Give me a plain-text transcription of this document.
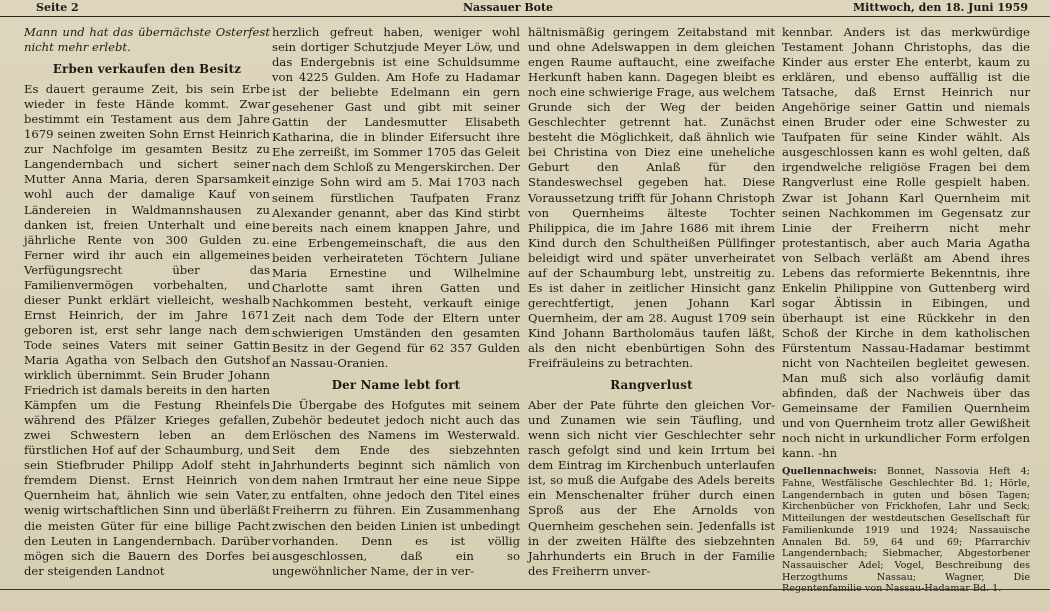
Seite 2	Nassauer Bote	Mittwoch, den 18. Juni 1959

Mann und hat das übernächste Osterfest nicht mehr erlebt.

Erben verkaufen den Besitz

Es dauert geraume Zeit, bis sein Erbe wieder in feste Hände kommt. Zwar bestimmt ein Testament aus dem Jahre 1679 seinen zweiten Sohn Ernst Heinrich zur Nachfolge im gesamten Besitz zu Langendernbach und sichert seiner Mutter Anna Maria, deren Sparsamkeit wohl auch der damalige Kauf von Ländereien in Waldmannshausen zu danken ist, freien Unterhalt und eine jährliche Rente von 300 Gulden zu. Ferner wird ihr auch ein allgemeines Verfügungsrecht über das Familienvermögen vorbehalten, und dieser Punkt erklärt vielleicht, weshalb Ernst Heinrich, der im Jahre 1671 geboren ist, erst sehr lange nach dem Tode seines Vaters mit seiner Gattin Maria Agatha von Selbach den Gutshof wirklich übernimmt. Sein Bruder Johann Friedrich ist damals bereits in den harten Kämpfen um die Festung Rheinfels während des Pfälzer Krieges gefallen, zwei Schwestern leben an dem fürstlichen Hof auf der Schaumburg, und sein Stiefbruder Philipp Adolf steht in fremdem Dienst. Ernst Heinrich von Quernheim hat, ähnlich wie sein Vater, wenig wirtschaftlichen Sinn und überläßt die meisten Güter für eine billige Pacht den Leuten in Langendernbach. Darüber mögen sich die Bauern des Dorfes bei der steigenden Landnot

herzlich gefreut haben, weniger wohl sein dortiger Schutzjude Meyer Löw, und das Endergebnis ist eine Schuldsumme von 4225 Gulden. Am Hofe zu Hadamar ist der beliebte Edelmann ein gern gesehener Gast und gibt mit seiner Gattin der Landesmutter Elisabeth Katharina, die in blinder Eifersucht ihre Ehe zerreißt, im Sommer 1705 das Geleit nach dem Schloß zu Mengerskirchen. Der einzige Sohn wird am 5. Mai 1703 nach seinem fürstlichen Taufpaten Franz Alexander genannt, aber das Kind stirbt bereits nach einem knappen Jahre, und eine Erbengemeinschaft, die aus den beiden verheirateten Töchtern Juliane Maria Ernestine und Wilhelmine Charlotte samt ihren Gatten und Nachkommen besteht, verkauft einige Zeit nach dem Tode der Eltern unter schwierigen Umständen den gesamten Besitz in der Gegend für 62 357 Gulden an Nassau-Oranien.

Der Name lebt fort

Die Übergabe des Hofgutes mit seinem Zubehör bedeutet jedoch nicht auch das Erlöschen des Namens im Westerwald. Seit dem Ende des siebzehnten Jahrhunderts beginnt sich nämlich von dem nahen Irmtraut her eine neue Sippe zu entfalten, ohne jedoch den Titel eines Freiherrn zu führen. Ein Zusammenhang zwischen den beiden Linien ist unbedingt vorhanden. Denn es ist völlig ausgeschlossen, daß ein so ungewöhnlicher Name, der in ver-

hältnismäßig geringem Zeitabstand mit und ohne Adelswappen in dem gleichen engen Raume auftaucht, eine zweifache Herkunft haben kann. Dagegen bleibt es noch eine schwierige Frage, aus welchem Grunde sich der Weg der beiden Geschlechter getrennt hat. Zunächst besteht die Möglichkeit, daß ähnlich wie bei Christina von Diez eine uneheliche Geburt den Anlaß für den Standeswechsel gegeben hat. Diese Voraussetzung trifft für Johann Christoph von Quernheims älteste Tochter Philippica, die im Jahre 1686 mit ihrem Kind durch den Schultheißen Püllfinger beleidigt wird und später unverheiratet auf der Schaumburg lebt, unstreitig zu. Es ist daher in zeitlicher Hinsicht ganz gerechtfertigt, jenen Johann Karl Quernheim, der am 28. August 1709 sein Kind Johann Bartholomäus taufen läßt, als den nicht ebenbürtigen Sohn des Freifräuleins zu betrachten.

Rangverlust

Aber der Pate führte den gleichen Vor- und Zunamen wie sein Täufling, und wenn sich nicht vier Geschlechter sehr rasch gefolgt sind und kein Irrtum bei dem Eintrag im Kirchenbuch unterlaufen ist, so muß die Aufgabe des Adels bereits ein Menschenalter früher durch einen Sproß aus der Ehe Arnolds von Quernheim geschehen sein. Jedenfalls ist in der zweiten Hälfte des siebzehnten Jahrhunderts ein Bruch in der Familie des Freiherrn unver-

kennbar. Anders ist das merkwürdige Testament Johann Christophs, das die Kinder aus erster Ehe enterbt, kaum zu erklären, und ebenso auffällig ist die Tatsache, daß Ernst Heinrich nur Angehörige seiner Gattin und niemals einen Bruder oder eine Schwester zu Taufpaten für seine Kinder wählt. Als ausgeschlossen kann es wohl gelten, daß irgendwelche religiöse Fragen bei dem Rangverlust eine Rolle gespielt haben. Zwar ist Johann Karl Quernheim mit seinen Nachkommen im Gegensatz zur Linie der Freiherrn nicht mehr protestantisch, aber auch Maria Agatha von Selbach verläßt am Abend ihres Lebens das reformierte Bekenntnis, ihre Enkelin Philippine von Guttenberg wird sogar Äbtissin in Eibingen, und überhaupt ist eine Rückkehr in den Schoß der Kirche in dem katholischen Fürstentum Nassau-Hadamar bestimmt nicht von Nachteilen begleitet gewesen. Man muß sich also vorläufig damit abfinden, daß der Nachweis über das Gemeinsame der Familien Quernheim und von Quernheim trotz aller Gewißheit noch nicht in urkundlicher Form erfolgen kann. -hn

Quellennachweis: Bonnet, Nassovia Heft 4; Fahne, Westfälische Geschlechter Bd. 1; Hörle, Langendernbach in guten und bösen Tagen; Kirchenbücher von Frickhofen, Lahr und Seck; Mitteilungen der westdeutschen Gesellschaft für Familienkunde 1919 und 1924; Nassauische Annalen Bd. 59, 64 und 69; Pfarrarchiv Langendernbach; Siebmacher, Abgestorbener Nassauischer Adel; Vogel, Beschreibung des Herzogthums Nassau; Wagner, Die Regentenfamilie von Nassau-Hadamar Bd. 1.
